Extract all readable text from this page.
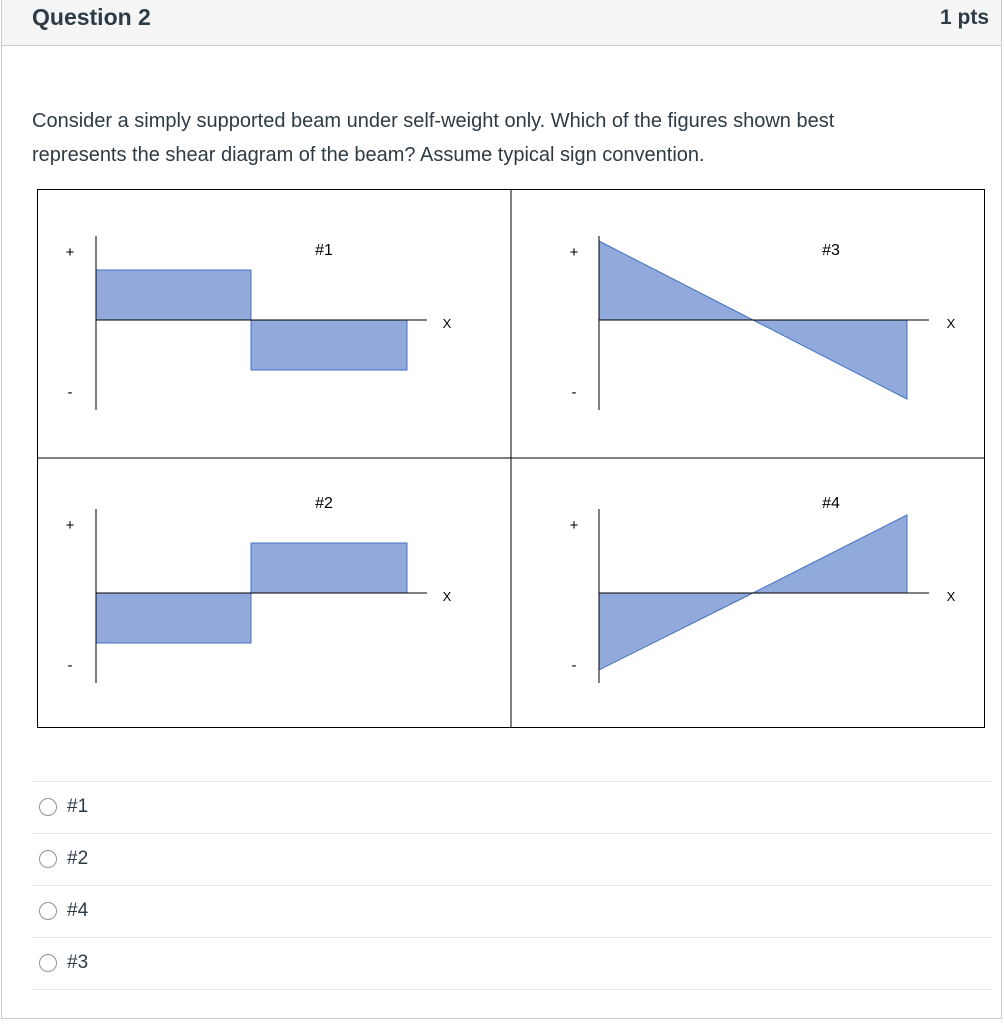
Question 2	1 pts
Consider a simply supported beam under self-weight only. Which of the figures shown best represents the shear diagram of the beam? Assume typical sign convention.
#1
+
-
X
#3
+
-
X
#2
+
-
X
#4
+
-
X
#1
#2
#4
#3
